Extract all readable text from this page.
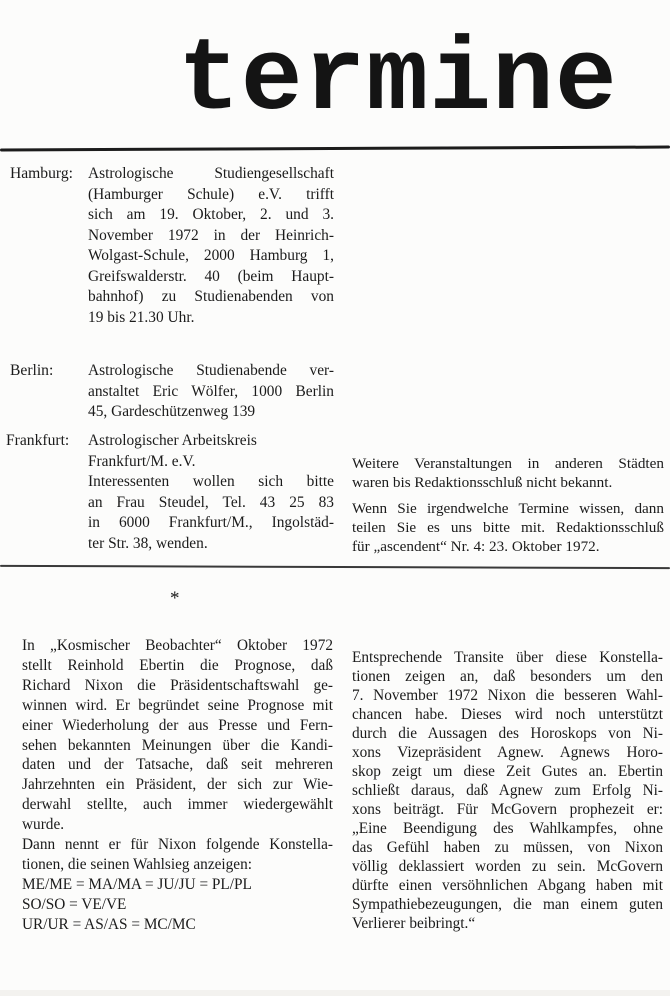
termine
Hamburg: Astrologische Studiengesellschaft
(Hamburger Schule) e.V. trifft
sich am 19. Oktober, 2. und 3.
November 1972 in der Heinrich-
Wolgast-Schule, 2000 Hamburg 1,
Greifswalderstr. 40 (beim Haupt-
bahnhof) zu Studienabenden von
19 bis 21.30 Uhr.
Berlin: Astrologische Studienabende ver-
anstaltet Eric Wölfer, 1000 Berlin
45, Gardeschützenweg 139
Frankfurt: Astrologischer Arbeitskreis
Frankfurt/M. e.V.
Interessenten wollen sich bitte
an Frau Steudel, Tel. 43 25 83
in 6000 Frankfurt/M., Ingolstäd-
ter Str. 38, wenden.
Weitere Veranstaltungen in anderen Städten
waren bis Redaktionsschluß nicht bekannt.
Wenn Sie irgendwelche Termine wissen, dann
teilen Sie es uns bitte mit. Redaktionsschluß
für „ascendent“ Nr. 4: 23. Oktober 1972.
*
In „Kosmischer Beobachter“ Oktober 1972
stellt Reinhold Ebertin die Prognose, daß
Richard Nixon die Präsidentschaftswahl ge-
winnen wird. Er begründet seine Prognose mit
einer Wiederholung der aus Presse und Fern-
sehen bekannten Meinungen über die Kandi-
daten und der Tatsache, daß seit mehreren
Jahrzehnten ein Präsident, der sich zur Wie-
derwahl stellte, auch immer wiedergewählt
wurde.
Dann nennt er für Nixon folgende Konstella-
tionen, die seinen Wahlsieg anzeigen:
ME/ME = MA/MA = JU/JU = PL/PL
SO/SO = VE/VE
UR/UR = AS/AS = MC/MC
Entsprechende Transite über diese Konstella-
tionen zeigen an, daß besonders um den
7. November 1972 Nixon die besseren Wahl-
chancen habe. Dieses wird noch unterstützt
durch die Aussagen des Horoskops von Ni-
xons Vizepräsident Agnew. Agnews Horo-
skop zeigt um diese Zeit Gutes an. Ebertin
schließt daraus, daß Agnew zum Erfolg Ni-
xons beiträgt. Für McGovern prophezeit er:
„Eine Beendigung des Wahlkampfes, ohne
das Gefühl haben zu müssen, von Nixon
völlig deklassiert worden zu sein. McGovern
dürfte einen versöhnlichen Abgang haben mit
Sympathiebezeugungen, die man einem guten
Verlierer beibringt.“
